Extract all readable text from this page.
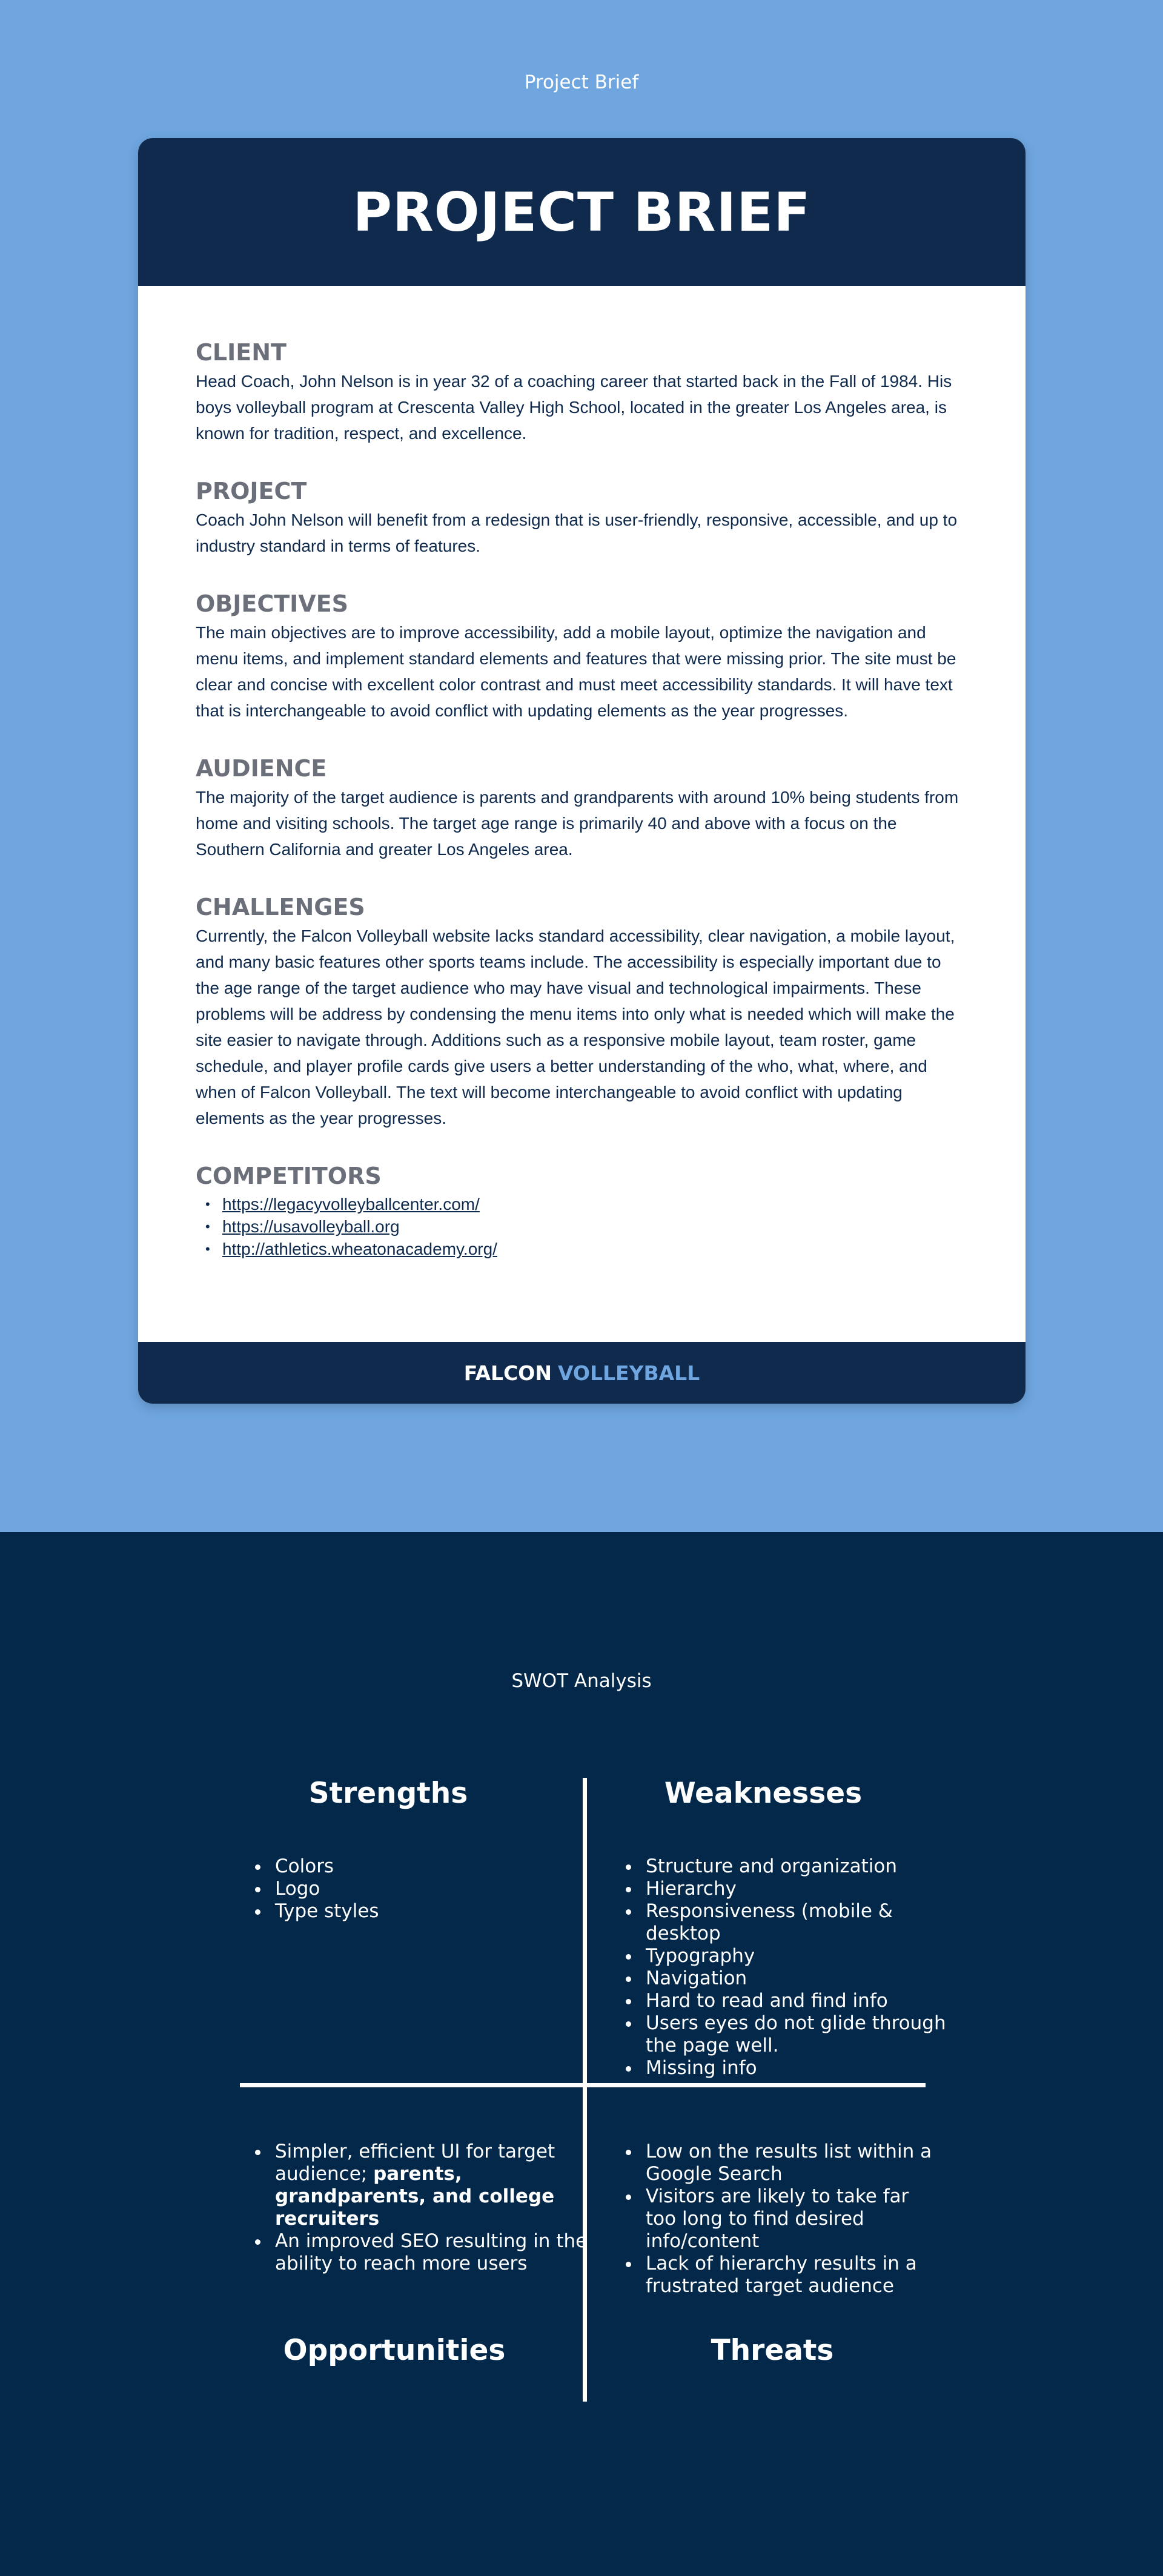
Project Brief
PROJECT BRIEF
CLIENT

Head Coach, John Nelson is in year 32 of a coaching career that started back in the Fall of 1984. His boys volleyball program at Crescenta Valley High School, located in the greater Los Angeles area, is known for tradition, respect, and excellence.

PROJECT

Coach John Nelson will benefit from a redesign that is user-friendly, responsive, accessible, and up to industry standard in terms of features.

OBJECTIVES

The main objectives are to improve accessibility, add a mobile layout, optimize the navigation and menu items, and implement standard elements and features that were missing prior. The site must be clear and concise with excellent color contrast and must meet accessibility standards. It will have text that is interchangeable to avoid conflict with updating elements as the year progresses.

AUDIENCE

The majority of the target audience is parents and grandparents with around 10% being students from home and visiting schools. The target age range is primarily 40 and above with a focus on the Southern California and greater Los Angeles area.

CHALLENGES

Currently, the Falcon Volleyball website lacks standard accessibility, clear navigation, a mobile layout, and many basic features other sports teams include. The accessibility is especially important due to the age range of the target audience who may have visual and technological impairments. These problems will be address by condensing the menu items into only what is needed which will make the site easier to navigate through. Additions such as a responsive mobile layout, team roster, game schedule, and player profile cards give users a better understanding of the who, what, where, and when of Falcon Volleyball. The text will become interchangeable to avoid conflict with updating elements as the year progresses.

COMPETITORS
• https://legacyvolleyballcenter.com/
• https://usavolleyball.org
• http://athletics.wheatonacademy.org/
FALCON VOLLEYBALL
SWOT Analysis
Strengths
• Colors
• Logo
• Type styles
Weaknesses
• Structure and organization
• Hierarchy
• Responsiveness (mobile & desktop
• Typography
• Navigation
• Hard to read and find info
• Users eyes do not glide through the page well.
• Missing info
• Simpler, efficient UI for target audience; parents, grandparents, and college recruiters
• An improved SEO resulting in the ability to reach more users
Opportunities
• Low on the results list within a Google Search
• Visitors are likely to take far too long to find desired info/content
• Lack of hierarchy results in a frustrated target audience
Threats
